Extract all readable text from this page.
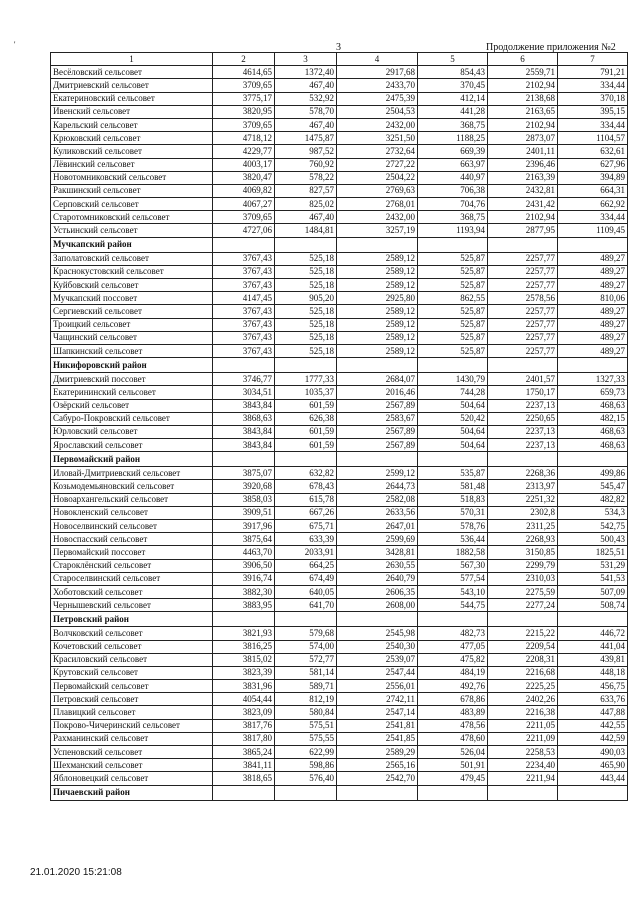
'	3	Продолжение приложения №2
1	2	3	4	5	6	7
Весёловский сельсовет	4614,65	1372,40	2917,68	854,43	2559,71	791,21
Дмитриевский сельсовет	3709,65	467,40	2433,70	370,45	2102,94	334,44
Екатериновский сельсовет	3775,17	532,92	2475,39	412,14	2138,68	370,18
Ивенский сельсовет	3820,95	578,70	2504,53	441,28	2163,65	395,15
Карельский сельсовет	3709,65	467,40	2432,00	368,75	2102,94	334,44
Крюковский сельсовет	4718,12	1475,87	3251,50	1188,25	2873,07	1104,57
Куликовский сельсовет	4229,77	987,52	2732,64	669,39	2401,11	632,61
Лёвинский сельсовет	4003,17	760,92	2727,22	663,97	2396,46	627,96
Новотомниковский сельсовет	3820,47	578,22	2504,22	440,97	2163,39	394,89
Ракшинский сельсовет	4069,82	827,57	2769,63	706,38	2432,81	664,31
Серповский сельсовет	4067,27	825,02	2768,01	704,76	2431,42	662,92
Старотомниковский сельсовет	3709,65	467,40	2432,00	368,75	2102,94	334,44
Устьинский сельсовет	4727,06	1484,81	3257,19	1193,94	2877,95	1109,45
Мучкапский район						
Заполатовский сельсовет	3767,43	525,18	2589,12	525,87	2257,77	489,27
Краснокустовский сельсовет	3767,43	525,18	2589,12	525,87	2257,77	489,27
Куйбовский сельсовет	3767,43	525,18	2589,12	525,87	2257,77	489,27
Мучкапский поссовет	4147,45	905,20	2925,80	862,55	2578,56	810,06
Сергиевский сельсовет	3767,43	525,18	2589,12	525,87	2257,77	489,27
Троицкий сельсовет	3767,43	525,18	2589,12	525,87	2257,77	489,27
Чащинский сельсовет	3767,43	525,18	2589,12	525,87	2257,77	489,27
Шапкинский сельсовет	3767,43	525,18	2589,12	525,87	2257,77	489,27
Никифоровский район						
Дмитриевский поссовет	3746,77	1777,33	2684,07	1430,79	2401,57	1327,33
Екатерининский сельсовет	3034,51	1035,37	2016,46	744,28	1750,17	659,73
Озёрский сельсовет	3843,84	601,59	2567,89	504,64	2237,13	468,63
Сабуро-Покровский сельсовет	3868,63	626,38	2583,67	520,42	2250,65	482,15
Юрловский сельсовет	3843,84	601,59	2567,89	504,64	2237,13	468,63
Ярославский сельсовет	3843,84	601,59	2567,89	504,64	2237,13	468,63
Первомайский район						
Иловай-Дмитриевский сельсовет	3875,07	632,82	2599,12	535,87	2268,36	499,86
Козьмодемьяновский сельсовет	3920,68	678,43	2644,73	581,48	2313,97	545,47
Новоархангельский сельсовет	3858,03	615,78	2582,08	518,83	2251,32	482,82
Новокленский сельсовет	3909,51	667,26	2633,56	570,31	2302,8	534,3
Новоселвинский сельсовет	3917,96	675,71	2647,01	578,76	2311,25	542,75
Новоспасский сельсовет	3875,64	633,39	2599,69	536,44	2268,93	500,43
Первомайский поссовет	4463,70	2033,91	3428,81	1882,58	3150,85	1825,51
Староклёнский сельсовет	3906,50	664,25	2630,55	567,30	2299,79	531,29
Староселвинский сельсовет	3916,74	674,49	2640,79	577,54	2310,03	541,53
Хоботовский сельсовет	3882,30	640,05	2606,35	543,10	2275,59	507,09
Чернышевский сельсовет	3883,95	641,70	2608,00	544,75	2277,24	508,74
Петровский район						
Волчковский сельсовет	3821,93	579,68	2545,98	482,73	2215,22	446,72
Кочетовский сельсовет	3816,25	574,00	2540,30	477,05	2209,54	441,04
Красиловский сельсовет	3815,02	572,77	2539,07	475,82	2208,31	439,81
Крутовский сельсовет	3823,39	581,14	2547,44	484,19	2216,68	448,18
Первомайский сельсовет	3831,96	589,71	2556,01	492,76	2225,25	456,75
Петровский сельсовет	4054,44	812,19	2742,11	678,86	2402,26	633,76
Плавицкий сельсовет	3823,09	580,84	2547,14	483,89	2216,38	447,88
Покрово-Чичеринский сельсовет	3817,76	575,51	2541,81	478,56	2211,05	442,55
Рахманинский сельсовет	3817,80	575,55	2541,85	478,60	2211,09	442,59
Успеновский сельсовет	3865,24	622,99	2589,29	526,04	2258,53	490,03
Шехманский сельсовет	3841,11	598,86	2565,16	501,91	2234,40	465,90
Яблоновецкий сельсовет	3818,65	576,40	2542,70	479,45	2211,94	443,44
Пичаевский район						
21.01.2020 15:21:08
